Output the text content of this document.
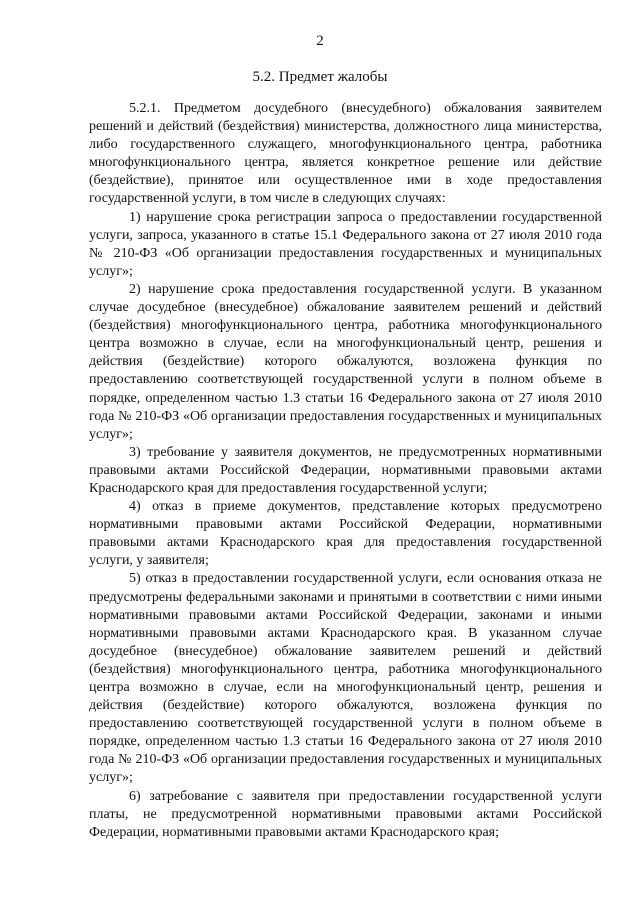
2
5.2. Предмет жалобы

5.2.1. Предметом досудебного (внесудебного) обжалования заявителем решений и действий (бездействия) министерства, должностного лица министерства, либо государственного служащего, многофункционального центра, работника многофункционального центра, является конкретное решение или действие (бездействие), принятое или осуществленное ими в ходе предоставления государственной услуги, в том числе в следующих случаях:

1) нарушение срока регистрации запроса о предоставлении государственной услуги, запроса, указанного в статье 15.1 Федерального закона от 27 июля 2010 года № 210-ФЗ «Об организации предоставления государственных и муниципальных услуг»;

2) нарушение срока предоставления государственной услуги. В указанном случае досудебное (внесудебное) обжалование заявителем решений и действий (бездействия) многофункционального центра, работника многофункционального центра возможно в случае, если на многофункциональный центр, решения и действия (бездействие) которого обжалуются, возложена функция по предоставлению соответствующей государственной услуги в полном объеме в порядке, определенном частью 1.3 статьи 16 Федерального закона от 27 июля 2010 года № 210-ФЗ «Об организации предоставления государственных и муниципальных услуг»;

3) требование у заявителя документов, не предусмотренных нормативными правовыми актами Российской Федерации, нормативными правовыми актами Краснодарского края для предоставления государственной услуги;

4) отказ в приеме документов, представление которых предусмотрено нормативными правовыми актами Российской Федерации, нормативными правовыми актами Краснодарского края для предоставления государственной услуги, у заявителя;

5) отказ в предоставлении государственной услуги, если основания отказа не предусмотрены федеральными законами и принятыми в соответствии с ними иными нормативными правовыми актами Российской Федерации, законами и иными нормативными правовыми актами Краснодарского края. В указанном случае досудебное (внесудебное) обжалование заявителем решений и действий (бездействия) многофункционального центра, работника многофункционального центра возможно в случае, если на многофункциональный центр, решения и действия (бездействие) которого обжалуются, возложена функция по предоставлению соответствующей государственной услуги в полном объеме в порядке, определенном частью 1.3 статьи 16 Федерального закона от 27 июля 2010 года № 210-ФЗ «Об организации предоставления государственных и муниципальных услуг»;

6) затребование с заявителя при предоставлении государственной услуги платы, не предусмотренной нормативными правовыми актами Российской Федерации, нормативными правовыми актами Краснодарского края;
